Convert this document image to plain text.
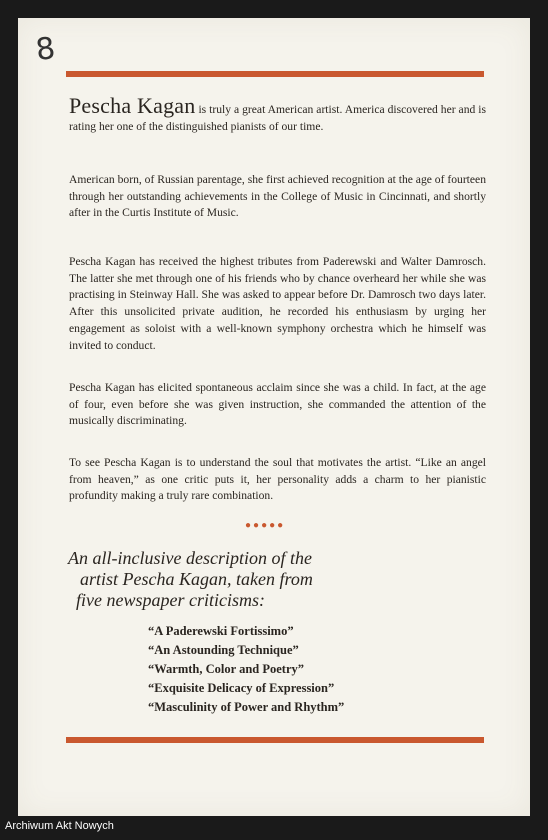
8
Pescha Kagan is truly a great American artist. America discovered her and is rating her one of the distinguished pianists of our time.
American born, of Russian parentage, she first achieved recognition at the age of fourteen through her outstanding achievements in the College of Music in Cincinnati, and shortly after in the Curtis Institute of Music.
Pescha Kagan has received the highest tributes from Paderewski and Walter Damrosch. The latter she met through one of his friends who by chance overheard her while she was practising in Steinway Hall. She was asked to appear before Dr. Damrosch two days later. After this unsolicited private audition, he recorded his enthusiasm by urging her engagement as soloist with a well-known symphony orchestra which he himself was invited to conduct.
Pescha Kagan has elicited spontaneous acclaim since she was a child. In fact, at the age of four, even before she was given instruction, she commanded the attention of the musically discriminating.
To see Pescha Kagan is to understand the soul that motivates the artist. “Like an angel from heaven,” as one critic puts it, her personality adds a charm to her pianistic profundity making a truly rare combination.
●●●●●
An all-inclusive description of the
artist Pescha Kagan, taken from
five newspaper criticisms:
“A Paderewski Fortissimo”
“An Astounding Technique”
“Warmth, Color and Poetry”
“Exquisite Delicacy of Expression”
“Masculinity of Power and Rhythm”
Archiwum Akt Nowych
